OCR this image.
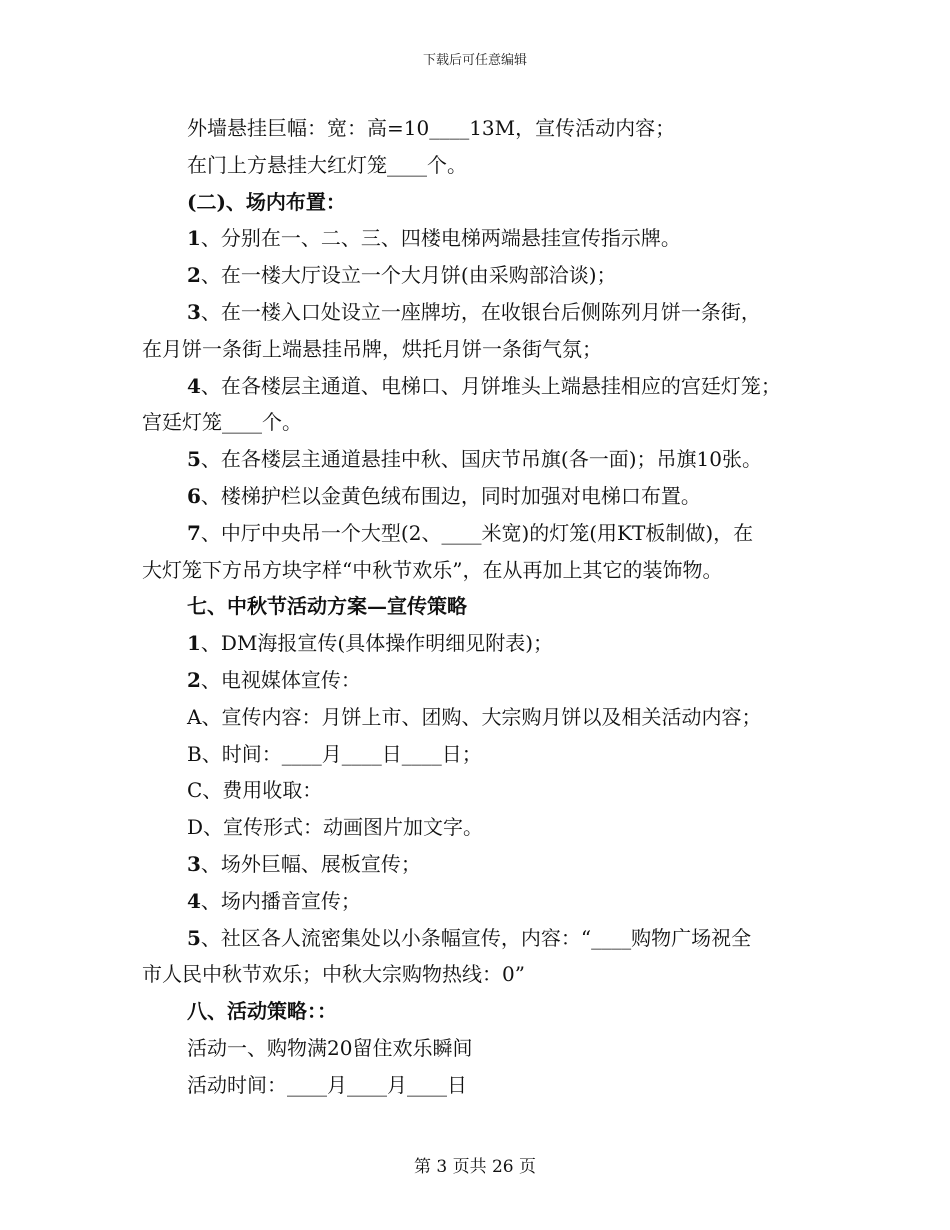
下载后可任意编辑

外墙悬挂巨幅：宽：高=10____13M，宣传活动内容；

在门上方悬挂大红灯笼____个。

(二)、场内布置：

1、分别在一、二、三、四楼电梯两端悬挂宣传指示牌。

2、在一楼大厅设立一个大月饼(由采购部洽谈)；

3、在一楼入口处设立一座牌坊，在收银台后侧陈列月饼一条街，

在月饼一条街上端悬挂吊牌，烘托月饼一条街气氛；

4、在各楼层主通道、电梯口、月饼堆头上端悬挂相应的宫廷灯笼；

宫廷灯笼____个。

5、在各楼层主通道悬挂中秋、国庆节吊旗(各一面)；吊旗10张。

6、楼梯护栏以金黄色绒布围边，同时加强对电梯口布置。

7、中厅中央吊一个大型(2、____米宽)的灯笼(用KT板制做)，在

大灯笼下方吊方块字样“中秋节欢乐”，在从再加上其它的装饰物。

七、中秋节活动方案—宣传策略

1、DM海报宣传(具体操作明细见附表)；

2、电视媒体宣传：

A、宣传内容：月饼上市、团购、大宗购月饼以及相关活动内容；

B、时间：____月____日____日；

C、费用收取：

D、宣传形式：动画图片加文字。

3、场外巨幅、展板宣传；

4、场内播音宣传；

5、社区各人流密集处以小条幅宣传，内容：“____购物广场祝全

市人民中秋节欢乐；中秋大宗购物热线：0”

八、活动策略：：

活动一、购物满20留住欢乐瞬间

活动时间：____月____月____日

第 3 页共 26 页
